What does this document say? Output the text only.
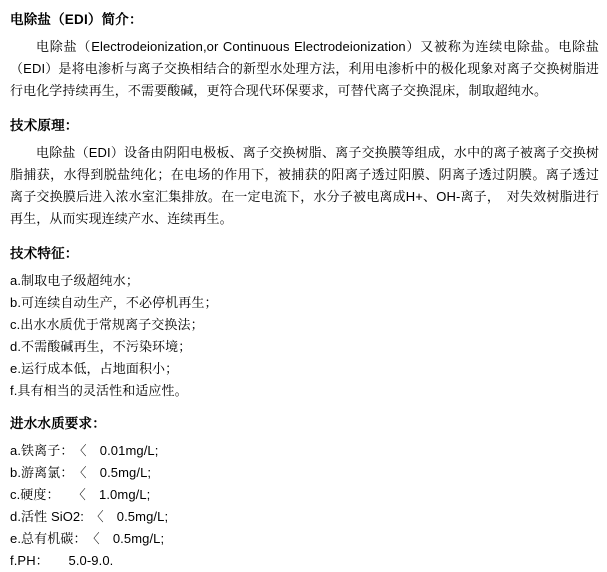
电除盐（EDI）简介：

电除盐（Electrodeionization,or Continuous Electrodeionization）又被称为连续电除盐。电除盐（EDI）是将电渗析与离子交换相结合的新型水处理方法，利用电渗析中的极化现象对离子交换树脂进行电化学持续再生，不需要酸碱，更符合现代环保要求，可替代离子交换混床，制取超纯水。

技术原理：

电除盐（EDI）设备由阴阳电极板、离子交换树脂、离子交换膜等组成，水中的离子被离子交换树脂捕获，水得到脱盐纯化；在电场的作用下，被捕获的阳离子透过阳膜、阴离子透过阴膜。离子透过离子交换膜后进入浓水室汇集排放。在一定电流下，水分子被电离成H+、OH-离子，　对失效树脂进行再生，从而实现连续产水、连续再生。

技术特征：
a.制取电子级超纯水；
b.可连续自动生产，不必停机再生；
c.出水水质优于常规离子交换法；
d.不需酸碱再生，不污染环境；
e.运行成本低，占地面积小；
f.具有相当的灵活性和适应性。
进水水质要求：
a.铁离子：　〈　0.01mg/L;
b.游离氯：　〈　0.5mg/L;
c.硬度：　　〈　1.0mg/L;
d.活性 SiO2:　〈　0.5mg/L;
e.总有机碳：　〈　0.5mg/L;
f.PH：　　5.0-9.0.
